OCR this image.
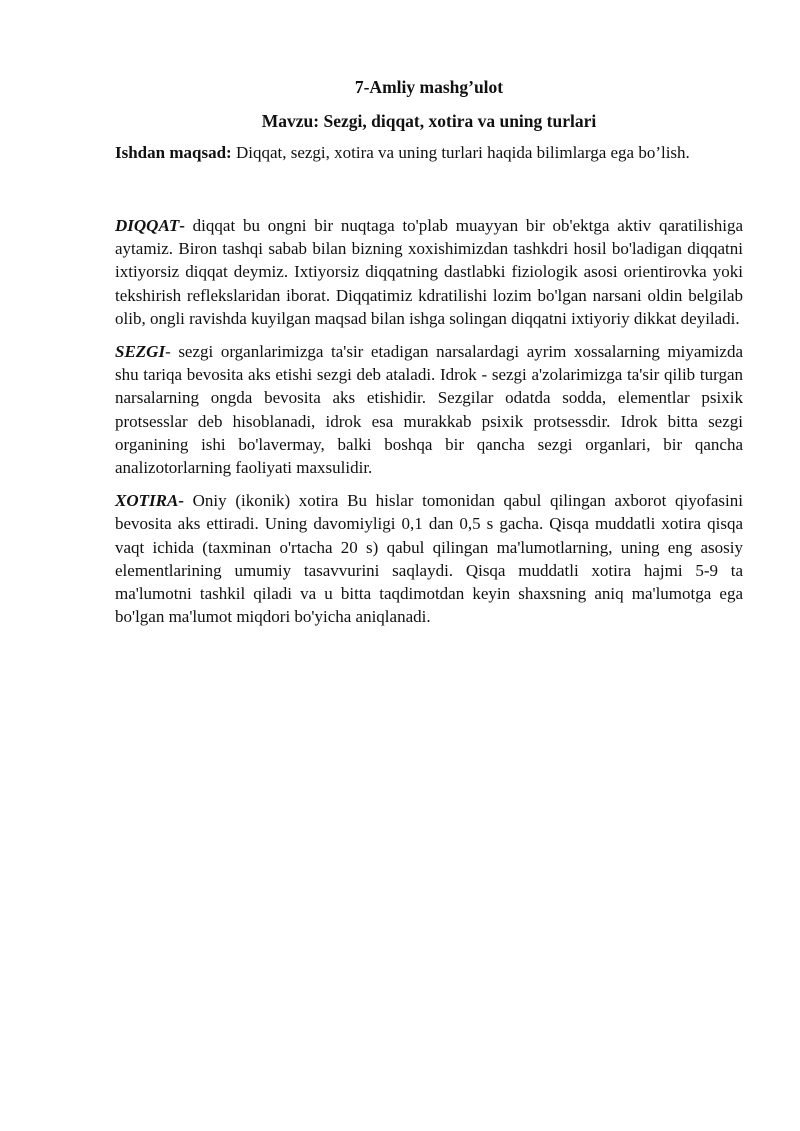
7-Amliy mashg’ulot
Mavzu: Sezgi, diqqat, xotira va uning turlari
Ishdan maqsad: Diqqat, sezgi, xotira va uning turlari haqida bilimlarga ega bo’lish.

DIQQAT- diqqat bu ongni bir nuqtaga to'plab muayyan bir ob'ektga aktiv qaratilishiga aytamiz. Biron tashqi sabab bilan bizning xoxishimizdan tashkdri hosil bo'ladigan diqqatni ixtiyorsiz diqqat deymiz. Ixtiyorsiz diqqatning dastlabki fiziologik asosi orientirovka yoki tekshirish reflekslaridan iborat. Diqqatimiz kdratilishi lozim bo'lgan narsani oldin belgilab olib, ongli ravishda kuyilgan maqsad bilan ishga solingan diqqatni ixtiyoriy dikkat deyiladi.

SEZGI- sezgi organlarimizga ta'sir etadigan narsalardagi ayrim xossalarning miyamizda shu tariqa bevosita aks etishi sezgi deb ataladi. Idrok - sezgi a'zolarimizga ta'sir qilib turgan narsalarning ongda bevosita aks etishidir. Sezgilar odatda sodda, elementlar psixik protsesslar deb hisoblanadi, idrok esa murakkab psixik protsessdir. Idrok bitta sezgi organining ishi bo'lavermay, balki boshqa bir qancha sezgi organlari, bir qancha analizotorlarning faoliyati maxsulidir.

XOTIRA- Oniy (ikonik) xotira Bu hislar tomonidan qabul qilingan axborot qiyofasini bevosita aks ettiradi. Uning davomiyligi 0,1 dan 0,5 s gacha. Qisqa muddatli xotira qisqa vaqt ichida (taxminan o'rtacha 20 s) qabul qilingan ma'lumotlarning, uning eng asosiy elementlarining umumiy tasavvurini saqlaydi. Qisqa muddatli xotira hajmi 5-9 ta ma'lumotni tashkil qiladi va u bitta taqdimotdan keyin shaxsning aniq ma'lumotga ega bo'lgan ma'lumot miqdori bo'yicha aniqlanadi.
